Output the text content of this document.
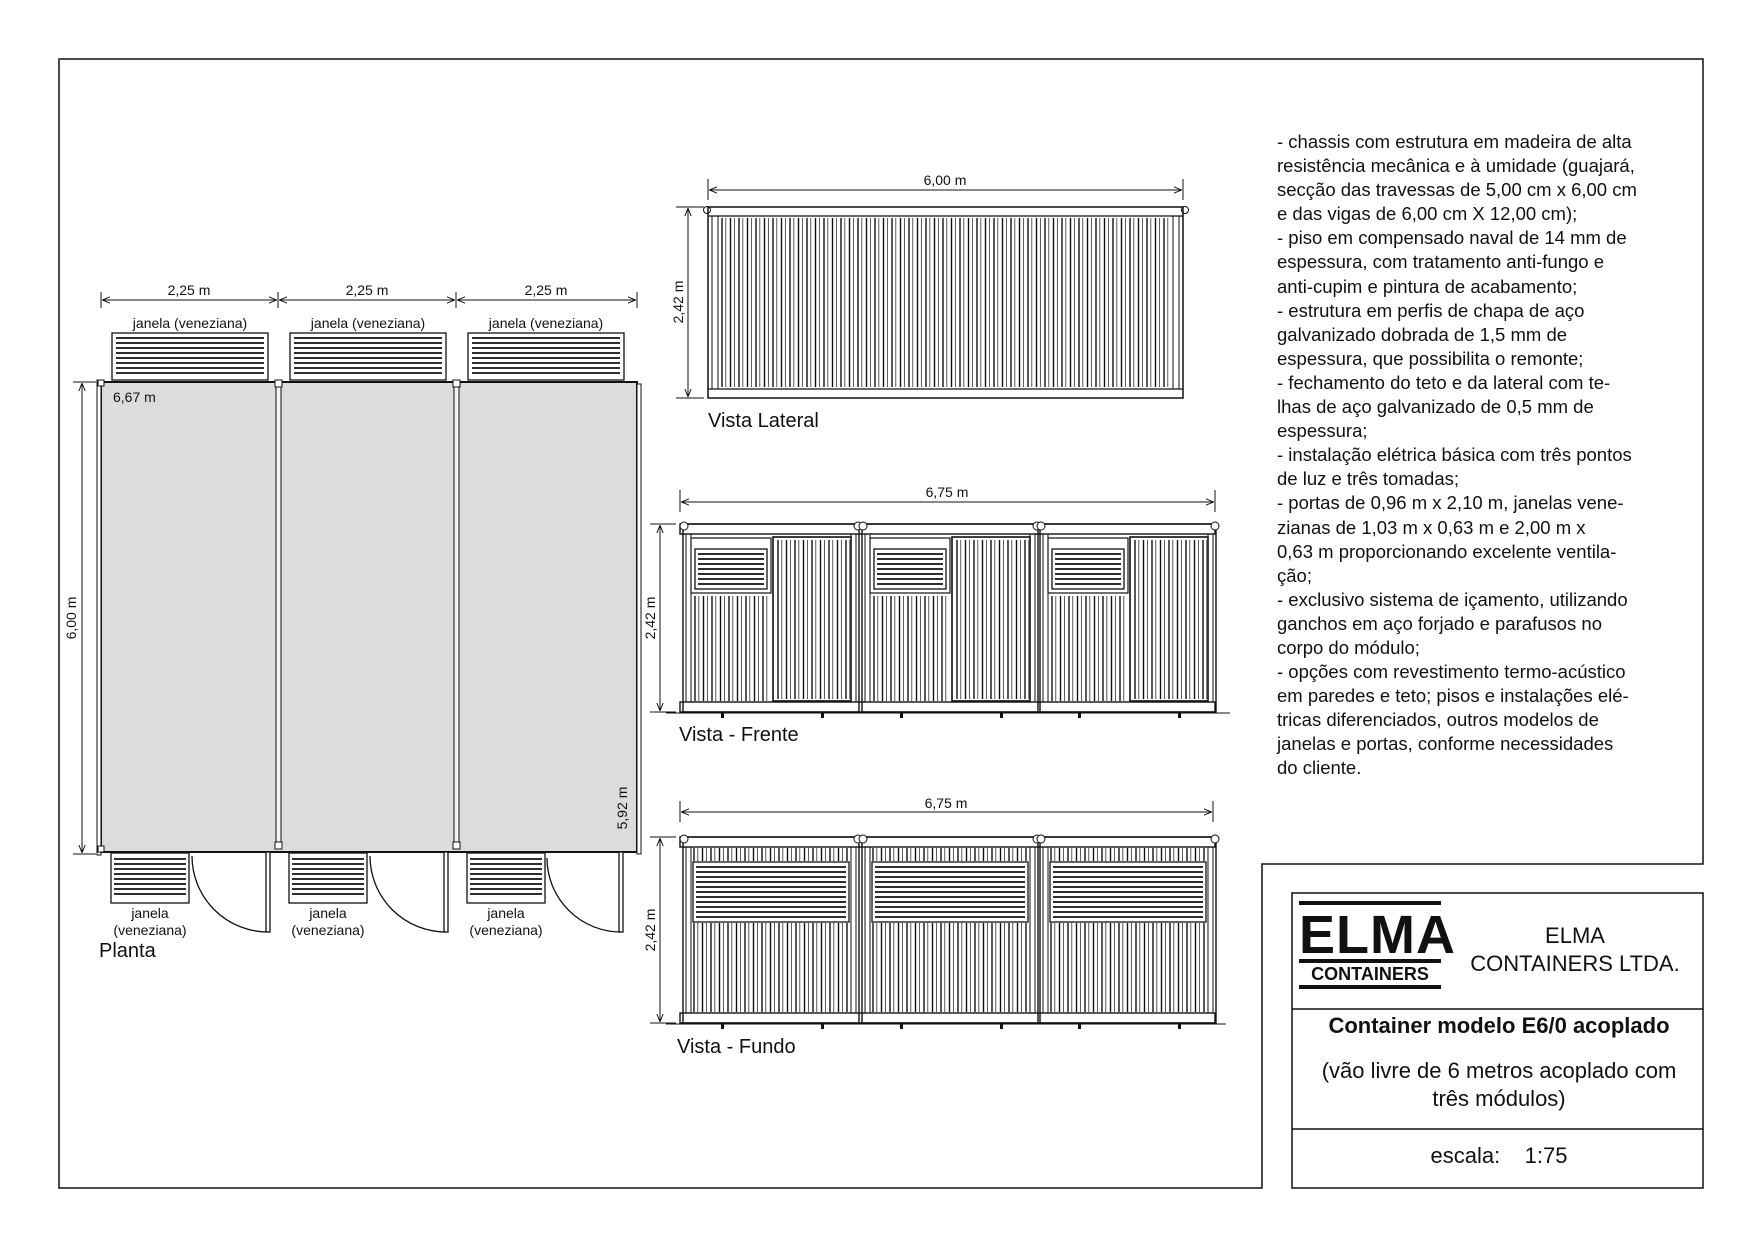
2,25 m	2,25 m	2,25 m
6,00 m
6,67 m
5,92 m
janela (veneziana)	janela (veneziana)	janela (veneziana)
janela
(veneziana)
janela
(veneziana)
janela
(veneziana)
Planta
6,00 m
2,42 m
Vista Lateral
6,75 m
2,42 m
Vista - Frente
6,75 m
2,42 m
Vista - Fundo
- chassis com estrutura em madeira de alta
resistência mecânica e à umidade (guajará,
secção das travessas de 5,00 cm x 6,00 cm
e das vigas de 6,00 cm X 12,00 cm);
- piso em compensado naval de 14 mm de
espessura, com tratamento anti-fungo e
anti-cupim e pintura de acabamento;
- estrutura em perfis de chapa de aço
galvanizado dobrada de 1,5 mm de
espessura, que possibilita o remonte;
- fechamento do teto e da lateral com te-
lhas de aço galvanizado de 0,5 mm de
espessura;
- instalação elétrica básica com três pontos
de luz e três tomadas;
- portas de 0,96 m x 2,10 m, janelas vene-
zianas de 1,03 m x 0,63 m e 2,00 m x
0,63 m proporcionando excelente ventila-
ção;
- exclusivo sistema de içamento, utilizando
ganchos em aço forjado e parafusos no
corpo do módulo;
- opções com revestimento termo-acústico
em paredes e teto; pisos e instalações elé-
tricas diferenciados, outros modelos de
janelas e portas, conforme necessidades
do cliente.
ELMA
CONTAINERS
ELMA
CONTAINERS LTDA.
Container modelo E6/0 acoplado
(vão livre de 6 metros acoplado com
três módulos)
escala:    1:75
